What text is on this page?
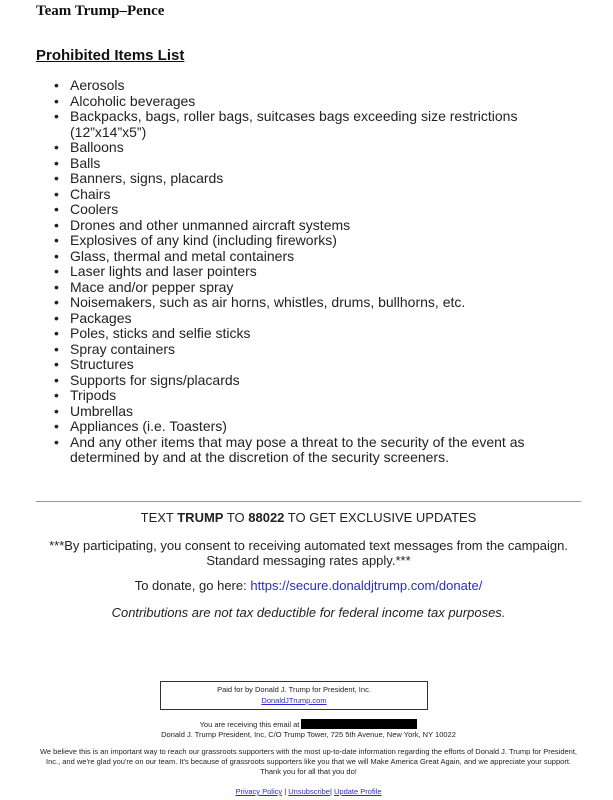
Team Trump–Pence
Prohibited Items List
• Aerosols
• Alcoholic beverages
• Backpacks, bags, roller bags, suitcases bags exceeding size restrictions (12”x14”x5”)
• Balloons
• Balls
• Banners, signs, placards
• Chairs
• Coolers
• Drones and other unmanned aircraft systems
• Explosives of any kind (including fireworks)
• Glass, thermal and metal containers
• Laser lights and laser pointers
• Mace and/or pepper spray
• Noisemakers, such as air horns, whistles, drums, bullhorns, etc.
• Packages
• Poles, sticks and selfie sticks
• Spray containers
• Structures
• Supports for signs/placards
• Tripods
• Umbrellas
• Appliances (i.e. Toasters)
• And any other items that may pose a threat to the security of the event as determined by and at the discretion of the security screeners.
TEXT TRUMP TO 88022 TO GET EXCLUSIVE UPDATES
***By participating, you consent to receiving automated text messages from the campaign.
Standard messaging rates apply.***
To donate, go here: https://secure.donaldjtrump.com/donate/
Contributions are not tax deductible for federal income tax purposes.
Paid for by Donald J. Trump for President, Inc.
DonaldJTrump.com
You are receiving this email at
Donald J. Trump President, Inc, C/O Trump Tower, 725 5th Avenue, New York, NY 10022
We believe this is an important way to reach our grassroots supporters with the most up-to-date information regarding the efforts of Donald J. Trump for President, Inc., and we're glad you're on our team. It's because of grassroots supporters like you that we will Make America Great Again, and we appreciate your support. Thank you for all that you do!
Privacy Policy | Unsubscribe| Update Profile
